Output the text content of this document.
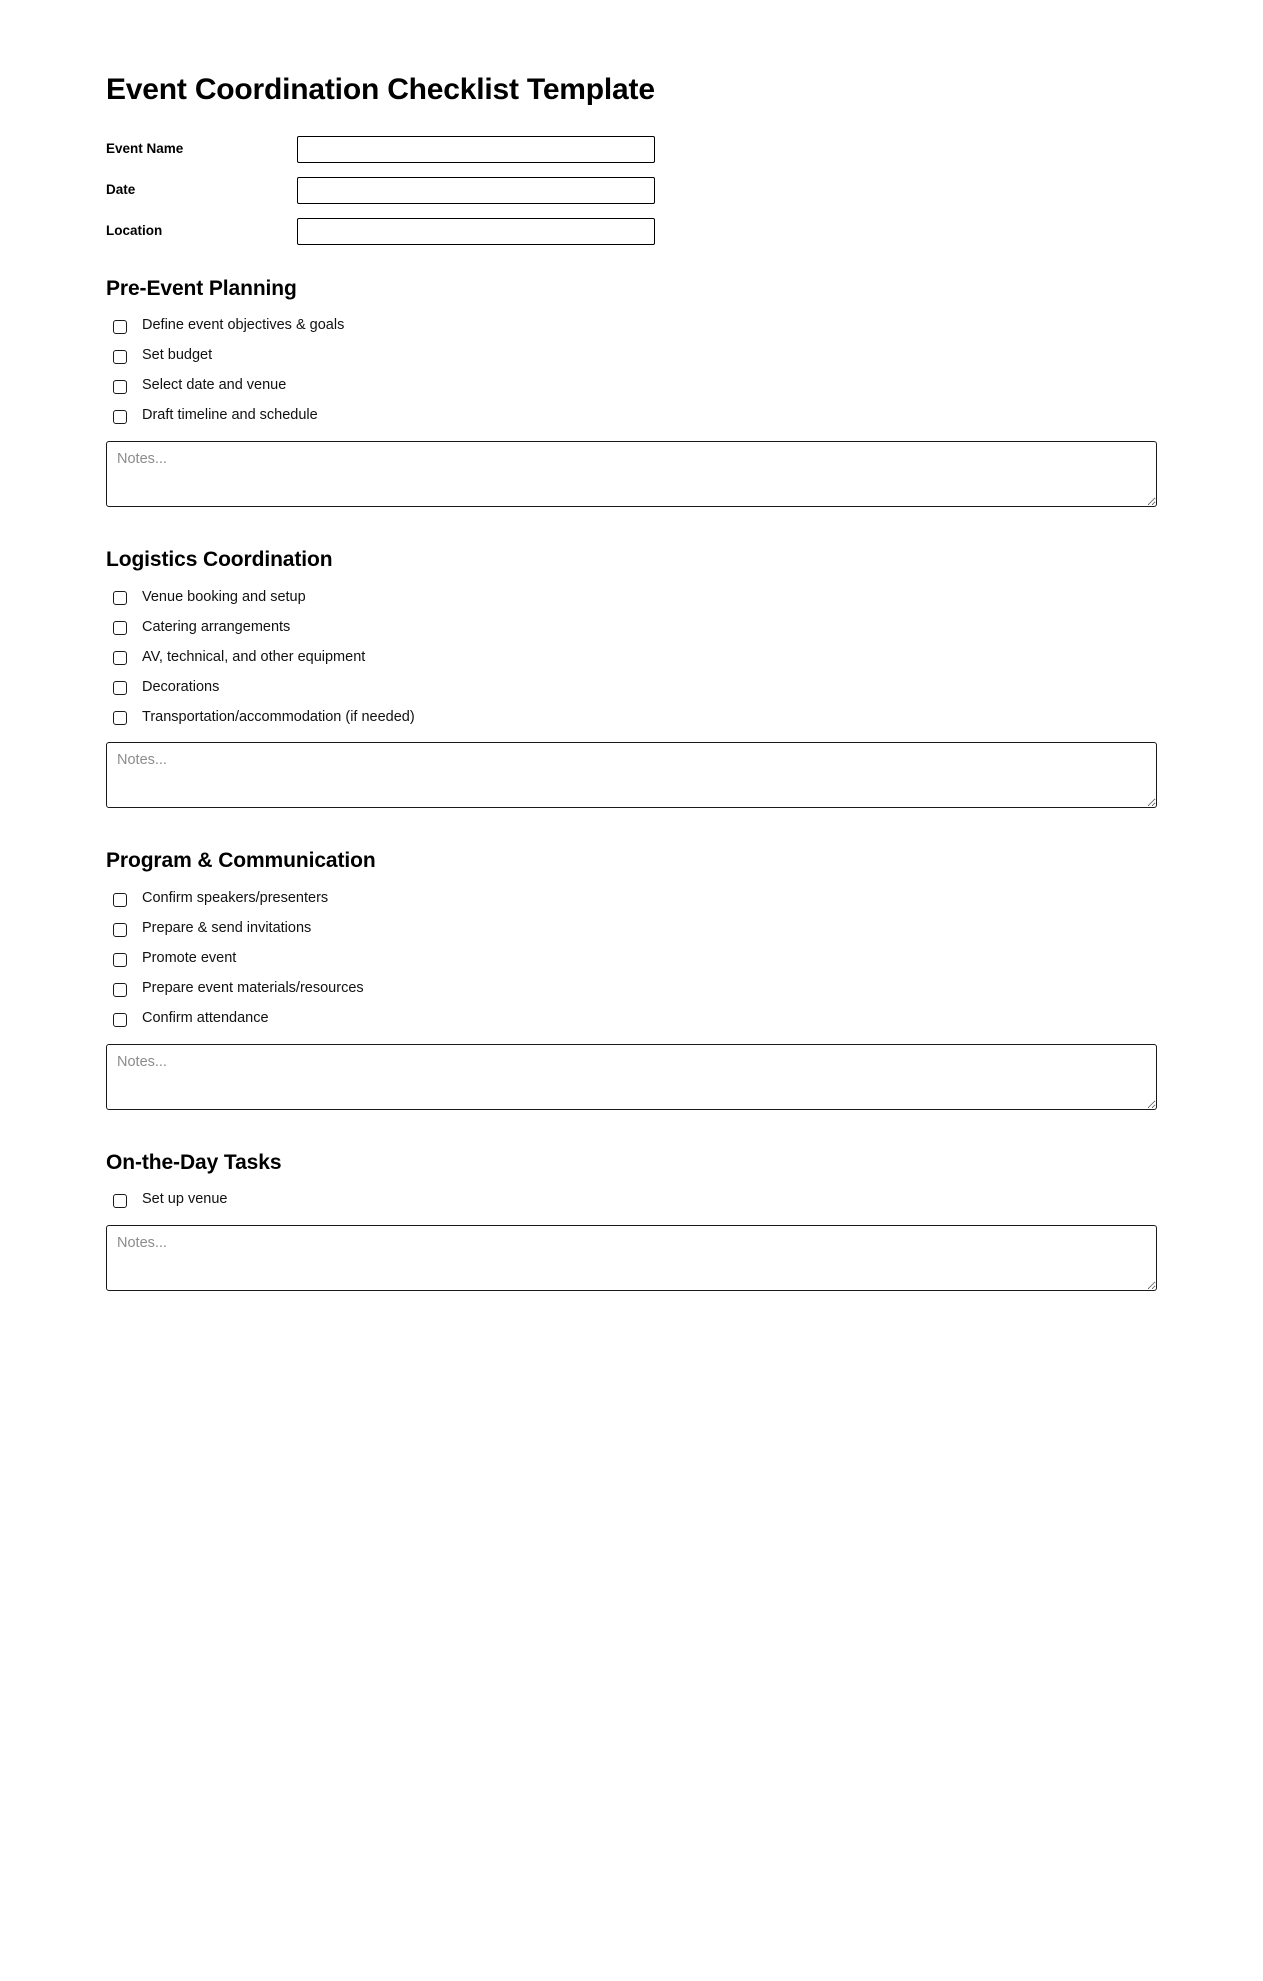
Event Coordination Checklist Template
Event Name
Date
Location
Pre-Event Planning
Define event objectives & goals
Set budget
Select date and venue
Draft timeline and schedule
Notes...
Logistics Coordination
Venue booking and setup
Catering arrangements
AV, technical, and other equipment
Decorations
Transportation/accommodation (if needed)
Notes...
Program & Communication
Confirm speakers/presenters
Prepare & send invitations
Promote event
Prepare event materials/resources
Confirm attendance
Notes...
On-the-Day Tasks
Set up venue
Notes...
